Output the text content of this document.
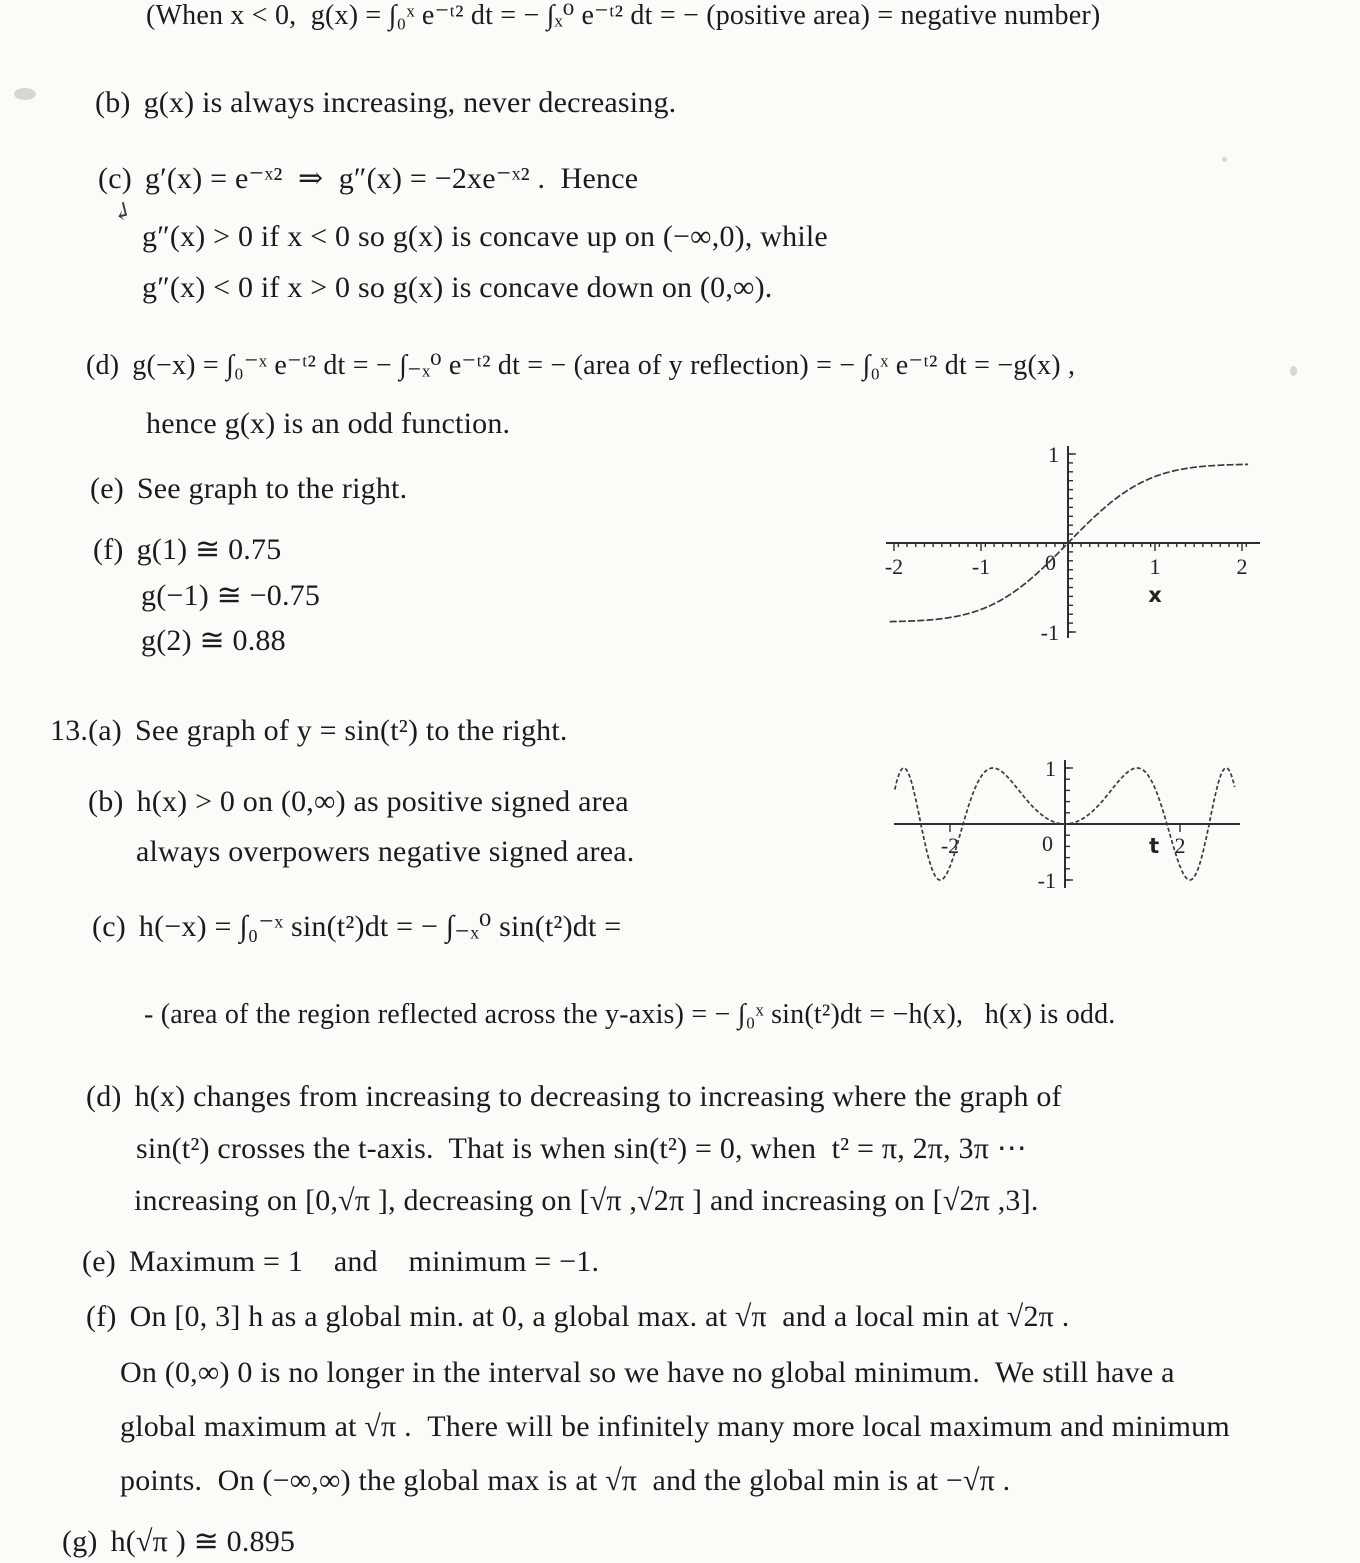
(When x < 0,  g(x) = ∫₀ˣ e⁻ᵗ² dt = − ∫ₓ⁰ e⁻ᵗ² dt = − (positive area) = negative number)
(b) g(x) is always increasing, never decreasing.
(c) g′(x) = e⁻ˣ²  ⇒  g″(x) = −2xe⁻ˣ² .  Hence
↲
g″(x) > 0 if x < 0 so g(x) is concave up on (−∞,0), while
g″(x) < 0 if x > 0 so g(x) is concave down on (0,∞).
(d) g(−x) = ∫₀⁻ˣ e⁻ᵗ² dt = − ∫₋ₓ⁰ e⁻ᵗ² dt = − (area of y reflection) = − ∫₀ˣ e⁻ᵗ² dt = −g(x) ,
hence g(x) is an odd function.
(e) See graph to the right.
(f) g(1) ≅ 0.75
g(−1) ≅ −0.75
g(2) ≅ 0.88
-2	-1	1	2
1
-1
0
x
13.(a) See graph of y = sin(t²) to the right.
(b) h(x) > 0 on (0,∞) as positive signed area
always overpowers negative signed area.	-2	2
1
-1
0	t
(c) h(−x) = ∫₀⁻ˣ sin(t²)dt = − ∫₋ₓ⁰ sin(t²)dt =
- (area of the region reflected across the y-axis) = − ∫₀ˣ sin(t²)dt = −h(x),   h(x) is odd.
(d) h(x) changes from increasing to decreasing to increasing where the graph of
sin(t²) crosses the t-axis.  That is when sin(t²) = 0, when  t² = π, 2π, 3π ⋯
increasing on [0,√π ], decreasing on [√π ,√2π ] and increasing on [√2π ,3].
(e) Maximum = 1    and    minimum = −1.
(f) On [0, 3] h as a global min. at 0, a global max. at √π  and a local min at √2π .
On (0,∞) 0 is no longer in the interval so we have no global minimum.  We still have a
global maximum at √π .  There will be infinitely many more local maximum and minimum
points.  On (−∞,∞) the global max is at √π  and the global min is at −√π .
(g) h(√π ) ≅ 0.895
